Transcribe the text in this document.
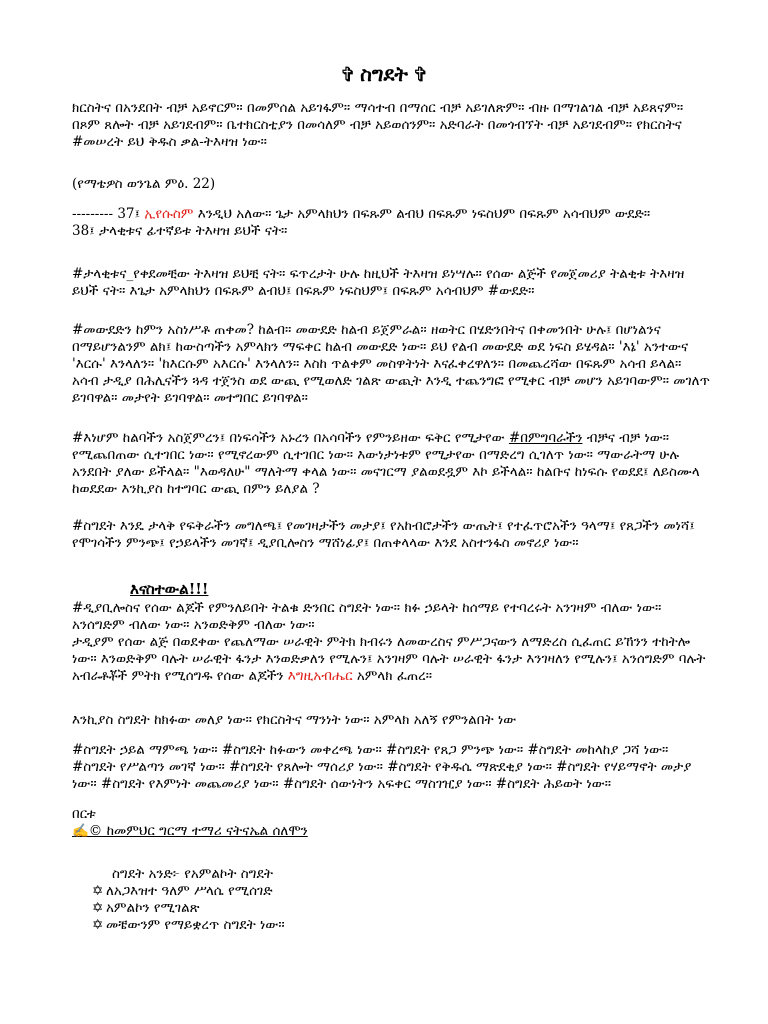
✞ ስግደት ✞

ክርስትና በአንደበት ብቻ አይኖርም። በመምሰል አይገፋም። ማሳተብ በማሰር ብቻ አይገለጽም። ብዙ በማገልገል ብቻ አይጸናም። በጾም ጸሎት ብቻ አይገደብም። ቤተክርስቲያን በመሳለም ብቻ አይወሰንም። አድባራት በመጎብኘት ብቻ አይገደብም። የክርስትና #መሠረት ይህ ቅዱስ ቃል-ትእዛዝ ነው።

(የማቴዎስ ወንጌል ምዕ. 22)

--------- 37፤ ኢየሱስም እንዲህ አለው። ጌታ አምላክህን በፍጹም ልብህ በፍጹም ነፍስህም በፍጹም አሳብህም ውደድ።
38፤ ታላቂቱና ፊተኛይቱ ትእዛዝ ይህች ናት።

#ታላቂቱና_የቀደመቺው ትእዛዝ ይህቺ ናት። ፍጥረታት ሁሉ ከዚህች ትእዛዝ ይነሣሉ። የሰው ልጅች የመጀመሪያ ትልቂቱ ትእዛዝ ይህች ናት። እጌታ አምላክህን በፍጹም ልብህ፤ በፍጹም ነፍስህም፤ በፍጹም አሳብህም #ውደድ።

#መውደድን ከምን አስነሥቶ ጠቀመ? ከልብ። መውደድ ከልብ ይጀምራል። ዘወትር በሄድንበትና በቀመንበት ሁሉ፤ በሆነልንና በማይሆንልንም ልክ፤ ከውስጣችን አምላክን ማፍቀር ከልብ መውደድ ነው። ይህ የልብ መውደድ ወደ ነፍስ ይሄዳል። 'እኔ' አንተውና 'እርሱ' እንላለን። 'ከእርሱም አእርሱ' እንላለን። እስከ ጥልቀም መስዋትነት እናፈቀረዋለን። በመጨረሻው በፍጹም አሳብ ይላል። አሳብ ታዲያ በሕሊናችን ጓዳ ተጀንስ ወደ ውጪ የሚወለድ ገልጽ ውጪት እንዲ ተጨንግፎ የሚቀር ብቻ መሆን አይገባውም። መገለጥ ይገባዋል። መታየት ይገባዋል። መተግበር ይገባዋል።

#እነሆም ከልባችን አስጀምረን፤ በነፍሳችን አኑረን በአሳባችን የምንይዘው ፍቅር የሚታየው #በምግባራችን ብቻና ብቻ ነው። የሚጨበጠው ሲተገበር ነው። የሚኖረውም ሲተገበር ነው። እውነታነቱም የሚታየው በማድረግ ሲገለጥ ነው። ማውራትማ ሁሉ አንደበት ያለው ይችላል። "እወዳለሁ" ማለትማ ቀላል ነው። መናገርማ ያልወደዷም እኮ ይችላል። ከልቡና ከነፍሱ የወደደ፤ ለይስሙላ ከወደደው እንኪያስ ከተግባር ውጪ በምን ይለያል ?

#ስግደት እንዴ ታላቅ የፍቅራችን መግለጫ፤ የመገዛታችን መታያ፤ የአከብሮታችን ውጤት፤ የተፈጥሮአችን ዓላማ፤ የጸጋችን መነሻ፤ የሞገሳችን ምንጭ፤ የኃይላችን መገኛ፤ ዲያቢሎስን ማሸነፊያ፤ በጠቀላላው እንደ አስተንፋስ መኖሪያ ነው።

እናስተውል!!!

#ዲያቢሎስና የሰው ልጆች የምንለይበት ትልቁ ድንበር ስግደት ነው። ክፉ ኃይላት ከሰማይ የተባረሩት አንገዛም ብለው ነው። አንሰግድም ብለው ነው። አንወድቅም ብለው ነው።
ታዲያም የሰው ልጅ በወደቀው የጨለማው ሠራዊት ምትክ ክብሩን ለመውረስና ምሥጋናውን ለማድረስ ሲፈጠር ይኸንን ተከትሎ ነው። እንወድቅም ባሉት ሠራዊት ፋንታ እንወድቃለን የሚሉን፤ አንገዛም ባሉት ሠራዊት ፋንታ እንገዛለን የሚሉን፤ አንሰግድም ባሉት አብራቶቾች ምትክ የሚሰግዱ የሰው ልጆችን እግዚአብሔር አምላክ ፈጠረ።

እንኪያስ ስግደት ከክፉው መለያ ነው። የክርስትና ማንነት ነው። አምላክ አለኝ የምንልበት ነው

#ስግደት ኃይል ማምጫ ነው። #ስግደት ከፉውን መቀረጫ ነው። #ስግደት የጸጋ ምንጭ ነው። #ስግደት መከላከያ ጋሻ ነው። #ስግደት የሥልጣን መገኛ ነው። #ስግደት የጸሎት ማሰሪያ ነው። #ስግደት የቅዱሴ ማጽደቂያ ነው። #ስግደት የሃይማኖት መታያ ነው። #ስግደት የእምነት መጨመሪያ ነው። #ስግደት ሰውነትን አፍቀር ማስገዢያ ነው። #ስግደት ሕይወት ነው።

በርቱ
✍© ከመምህር ግርማ ተማሪ ናትናኤል ሰለሞን
ስግደት አንድ፦ የአምልኮት ስግደት
✡ ለአጋእዝተ ዓለም ሥላሴ የሚሰገድ
✡ አምልኮን የሚገልጽ
✡ መቼውንም የማይቋረጥ ስግደት ነው።
